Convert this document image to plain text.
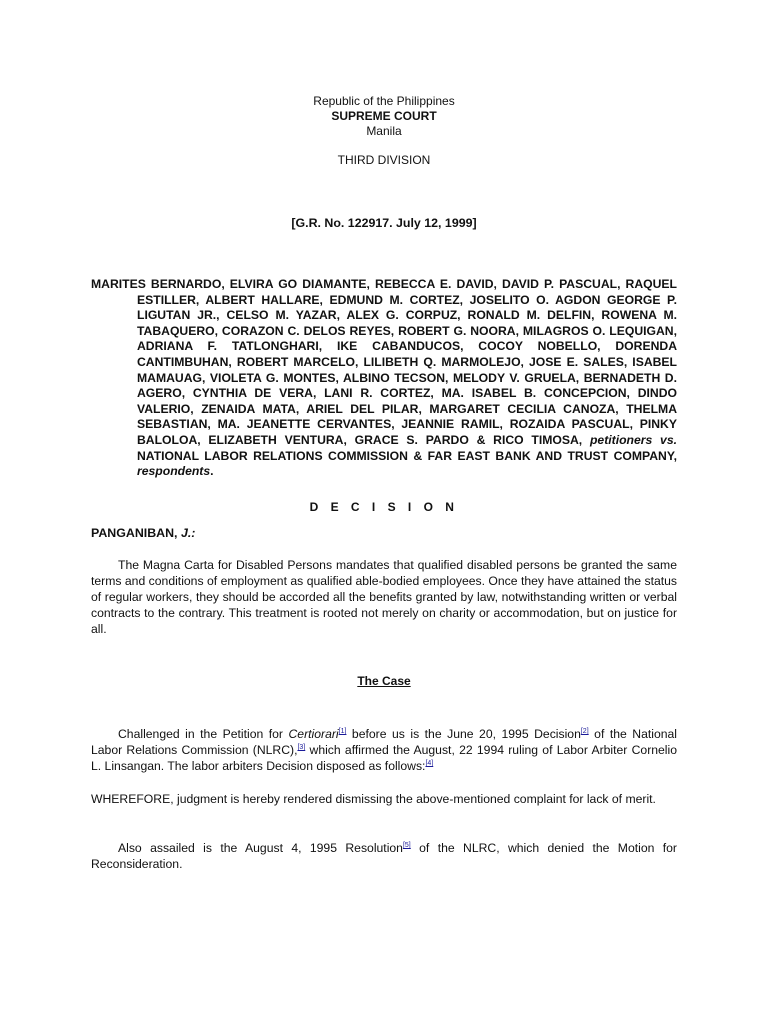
Republic of the Philippines
SUPREME COURT
Manila
THIRD DIVISION
[G.R. No. 122917. July 12, 1999]
MARITES BERNARDO, ELVIRA GO DIAMANTE, REBECCA E. DAVID, DAVID P. PASCUAL, RAQUEL ESTILLER, ALBERT HALLARE, EDMUND M. CORTEZ, JOSELITO O. AGDON GEORGE P. LIGUTAN JR., CELSO M. YAZAR, ALEX G. CORPUZ, RONALD M. DELFIN, ROWENA M. TABAQUERO, CORAZON C. DELOS REYES, ROBERT G. NOORA, MILAGROS O. LEQUIGAN, ADRIANA F. TATLONGHARI, IKE CABANDUCOS, COCOY NOBELLO, DORENDA CANTIMBUHAN, ROBERT MARCELO, LILIBETH Q. MARMOLEJO, JOSE E. SALES, ISABEL MAMAUAG, VIOLETA G. MONTES, ALBINO TECSON, MELODY V. GRUELA, BERNADETH D. AGERO, CYNTHIA DE VERA, LANI R. CORTEZ, MA. ISABEL B. CONCEPCION, DINDO VALERIO, ZENAIDA MATA, ARIEL DEL PILAR, MARGARET CECILIA CANOZA, THELMA SEBASTIAN, MA. JEANETTE CERVANTES, JEANNIE RAMIL, ROZAIDA PASCUAL, PINKY BALOLOA, ELIZABETH VENTURA, GRACE S. PARDO & RICO TIMOSA, petitioners vs. NATIONAL LABOR RELATIONS COMMISSION & FAR EAST BANK AND TRUST COMPANY, respondents.
D E C I S I O N
PANGANIBAN, J.:
The Magna Carta for Disabled Persons mandates that qualified disabled persons be granted the same terms and conditions of employment as qualified able-bodied employees. Once they have attained the status of regular workers, they should be accorded all the benefits granted by law, notwithstanding written or verbal contracts to the contrary. This treatment is rooted not merely on charity or accommodation, but on justice for all.
The Case
Challenged in the Petition for Certiorari[1] before us is the June 20, 1995 Decision[2] of the National Labor Relations Commission (NLRC),[3] which affirmed the August, 22 1994 ruling of Labor Arbiter Cornelio L. Linsangan. The labor arbiters Decision disposed as follows:[4]
WHEREFORE, judgment is hereby rendered dismissing the above-mentioned complaint for lack of merit.
Also assailed is the August 4, 1995 Resolution[5] of the NLRC, which denied the Motion for Reconsideration.
